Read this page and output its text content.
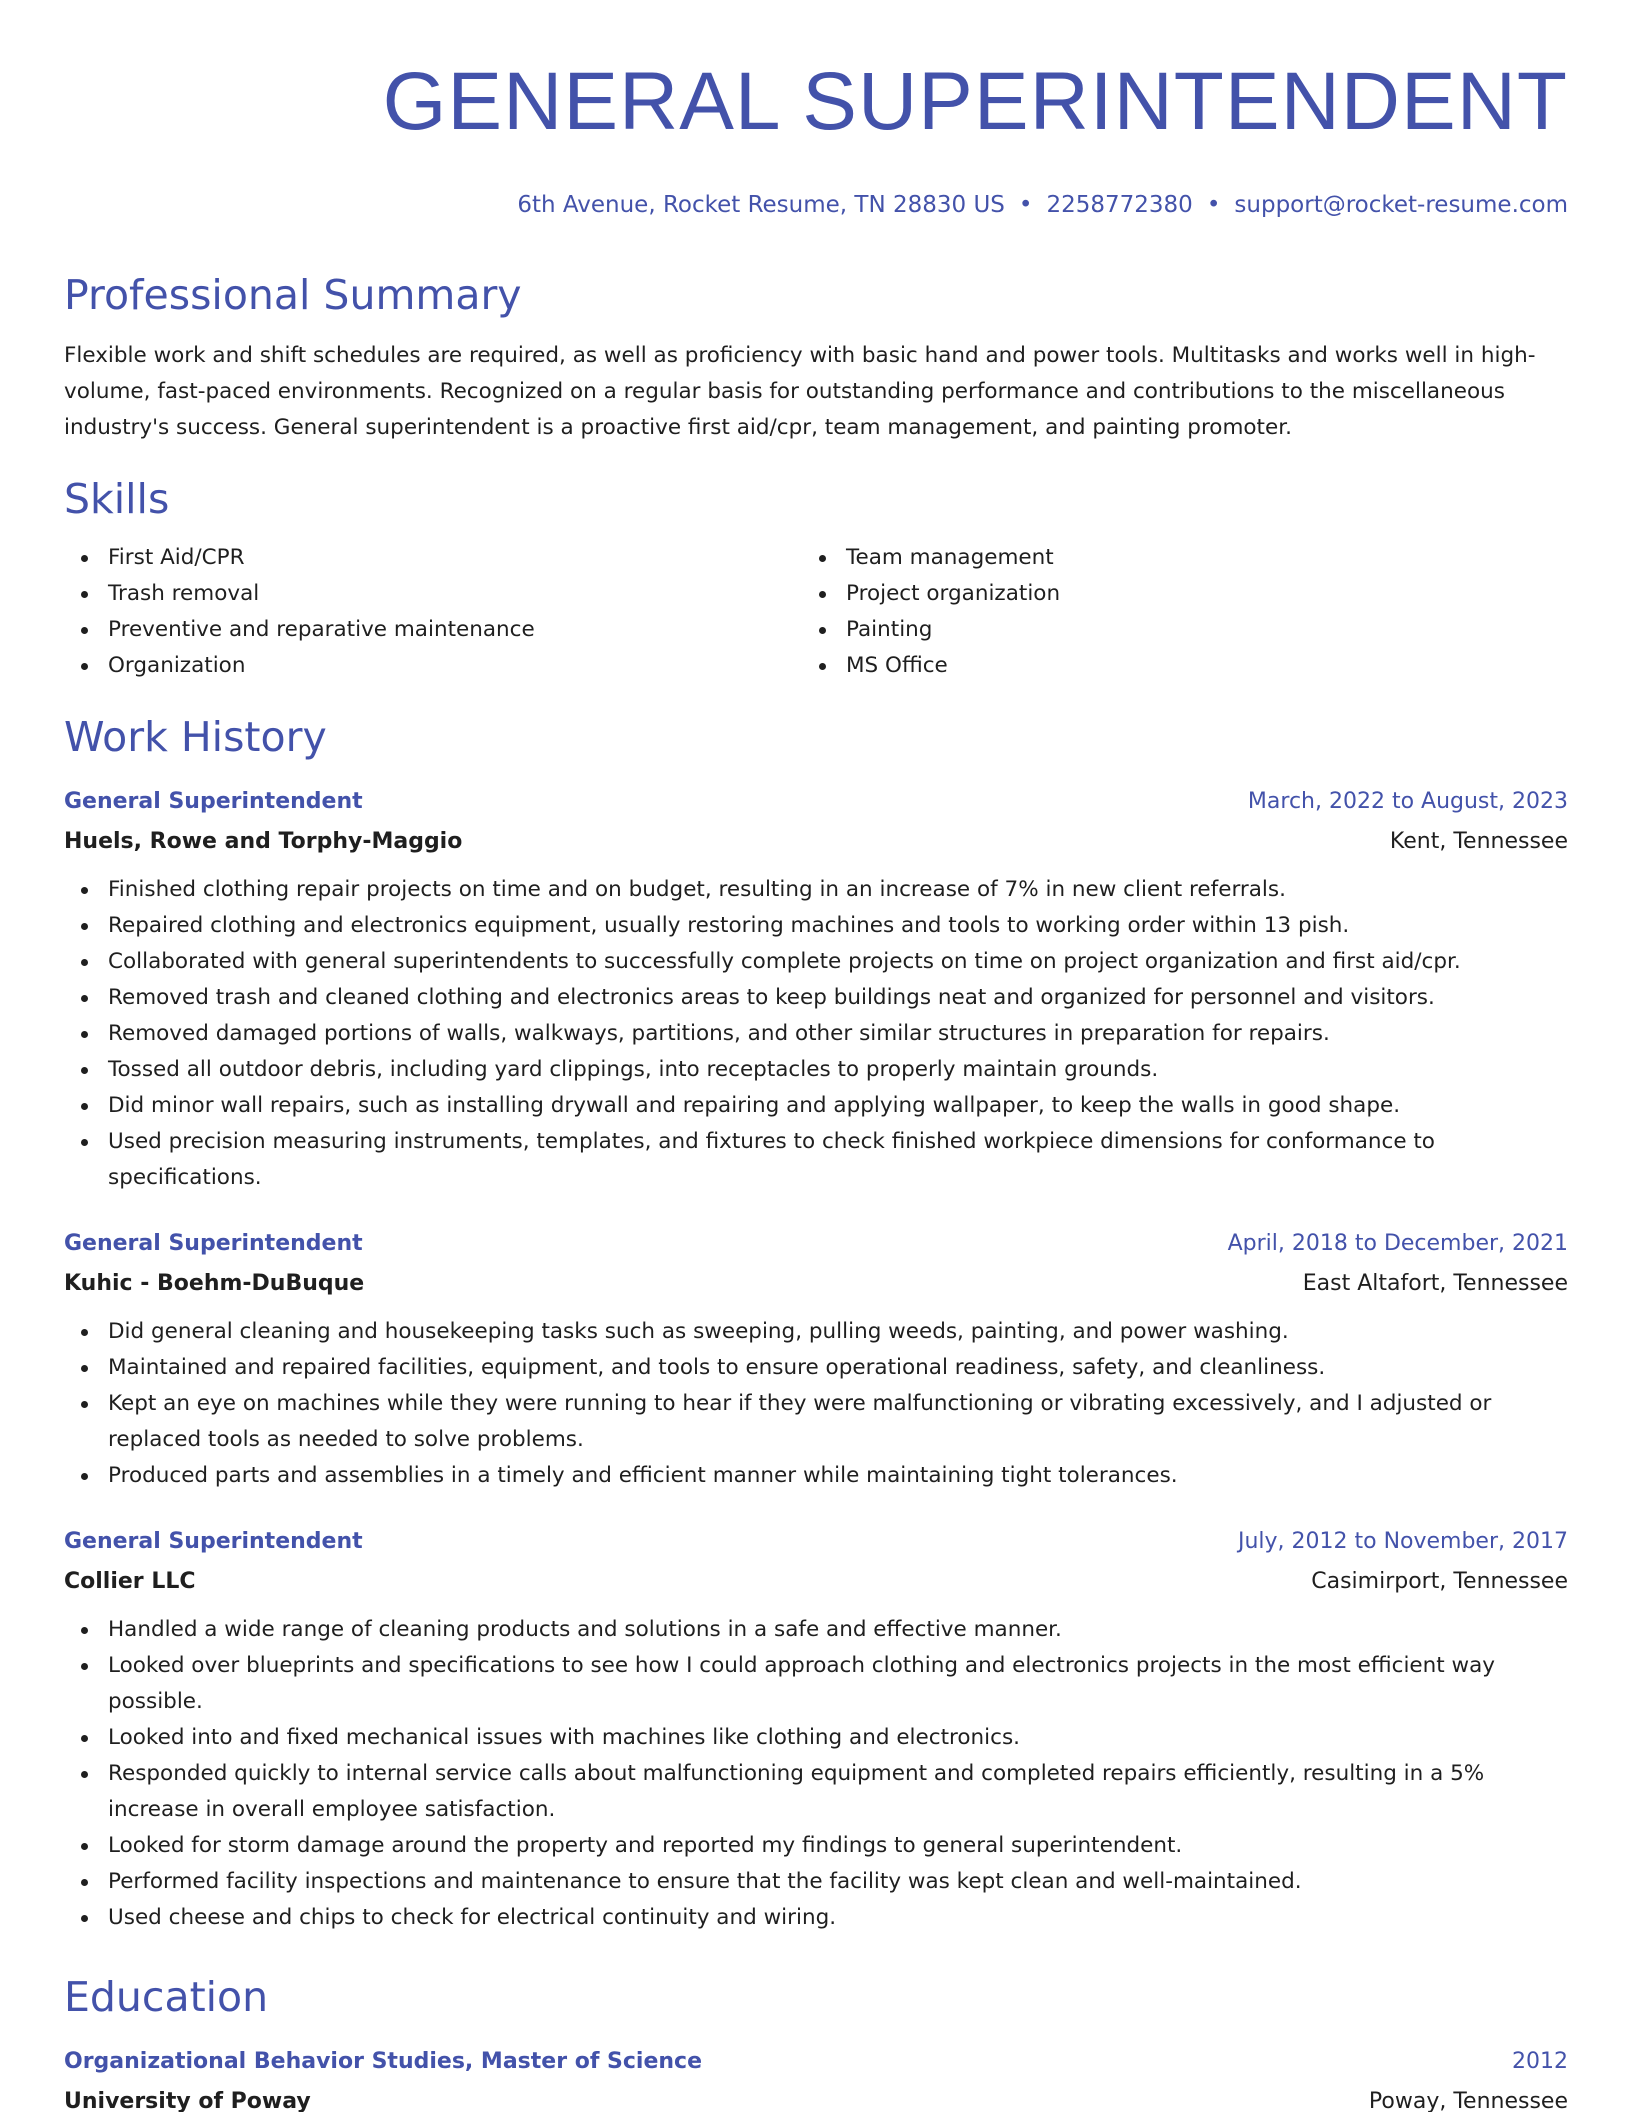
GENERAL SUPERINTENDENT
6th Avenue, Rocket Resume, TN 28830 US • 2258772380 • support@rocket-resume.com
Professional Summary

Flexible work and shift schedules are required, as well as proficiency with basic hand and power tools. Multitasks and works well in high-volume, fast-paced environments. Recognized on a regular basis for outstanding performance and contributions to the miscellaneous industry's success. General superintendent is a proactive first aid/cpr, team management, and painting promoter.

Skills
First Aid/CPR
Trash removal
Preventive and reparative maintenance
Organization
Team management
Project organization
Painting
MS Office
Work History
General Superintendent	March, 2022 to August, 2023
Huels, Rowe and Torphy-Maggio	Kent, Tennessee
Finished clothing repair projects on time and on budget, resulting in an increase of 7% in new client referrals.
Repaired clothing and electronics equipment, usually restoring machines and tools to working order within 13 pish.
Collaborated with general superintendents to successfully complete projects on time on project organization and first aid/cpr.
Removed trash and cleaned clothing and electronics areas to keep buildings neat and organized for personnel and visitors.
Removed damaged portions of walls, walkways, partitions, and other similar structures in preparation for repairs.
Tossed all outdoor debris, including yard clippings, into receptacles to properly maintain grounds.
Did minor wall repairs, such as installing drywall and repairing and applying wallpaper, to keep the walls in good shape.
Used precision measuring instruments, templates, and fixtures to check finished workpiece dimensions for conformance to specifications.
General Superintendent	April, 2018 to December, 2021
Kuhic - Boehm-DuBuque	East Altafort, Tennessee
Did general cleaning and housekeeping tasks such as sweeping, pulling weeds, painting, and power washing.
Maintained and repaired facilities, equipment, and tools to ensure operational readiness, safety, and cleanliness.
Kept an eye on machines while they were running to hear if they were malfunctioning or vibrating excessively, and I adjusted or replaced tools as needed to solve problems.
Produced parts and assemblies in a timely and efficient manner while maintaining tight tolerances.
General Superintendent	July, 2012 to November, 2017
Collier LLC	Casimirport, Tennessee
Handled a wide range of cleaning products and solutions in a safe and effective manner.
Looked over blueprints and specifications to see how I could approach clothing and electronics projects in the most efficient way possible.
Looked into and fixed mechanical issues with machines like clothing and electronics.
Responded quickly to internal service calls about malfunctioning equipment and completed repairs efficiently, resulting in a 5% increase in overall employee satisfaction.
Looked for storm damage around the property and reported my findings to general superintendent.
Performed facility inspections and maintenance to ensure that the facility was kept clean and well-maintained.
Used cheese and chips to check for electrical continuity and wiring.
Education
Organizational Behavior Studies, Master of Science	2012
University of Poway	Poway, Tennessee
